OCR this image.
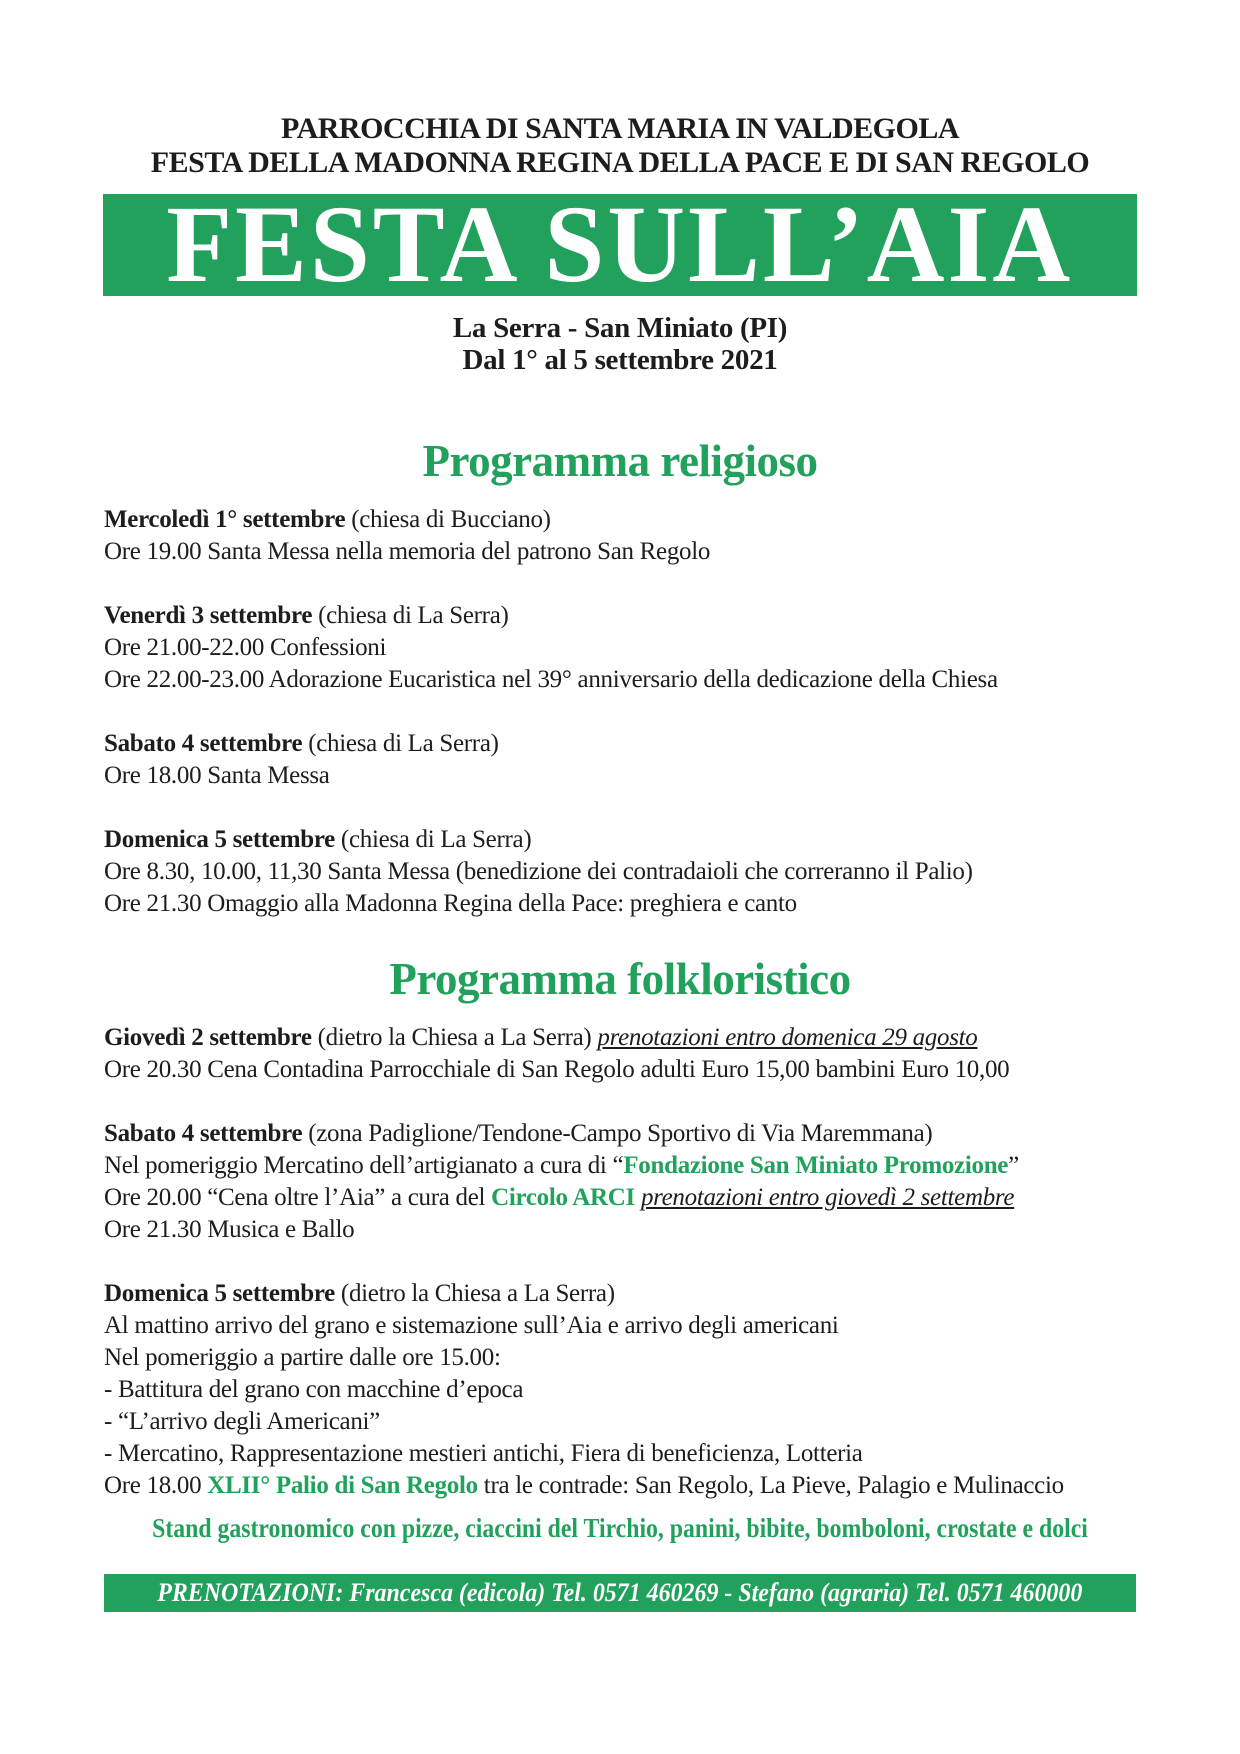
PARROCCHIA DI SANTA MARIA IN VALDEGOLA
FESTA DELLA MADONNA REGINA DELLA PACE E DI SAN REGOLO
FESTA SULL’AIA
La Serra - San Miniato (PI)
Dal 1° al 5 settembre 2021
Programma religioso
Mercoledì 1° settembre (chiesa di Bucciano)
Ore 19.00 Santa Messa nella memoria del patrono San Regolo
Venerdì 3 settembre (chiesa di La Serra)
Ore 21.00-22.00 Confessioni
Ore 22.00-23.00 Adorazione Eucaristica nel 39° anniversario della dedicazione della Chiesa
Sabato 4 settembre (chiesa di La Serra)
Ore 18.00 Santa Messa
Domenica 5 settembre (chiesa di La Serra)
Ore 8.30, 10.00, 11,30 Santa Messa (benedizione dei contradaioli che correranno il Palio)
Ore 21.30 Omaggio alla Madonna Regina della Pace: preghiera e canto
Programma folkloristico
Giovedì 2 settembre (dietro la Chiesa a La Serra) prenotazioni entro domenica 29 agosto
Ore 20.30 Cena Contadina Parrocchiale di San Regolo adulti Euro 15,00 bambini Euro 10,00
Sabato 4 settembre (zona Padiglione/Tendone-Campo Sportivo di Via Maremmana)
Nel pomeriggio Mercatino dell’artigianato a cura di “Fondazione San Miniato Promozione”
Ore 20.00 “Cena oltre l’Aia” a cura del Circolo ARCI prenotazioni entro giovedì 2 settembre
Ore 21.30 Musica e Ballo
Domenica 5 settembre (dietro la Chiesa a La Serra)
Al mattino arrivo del grano e sistemazione sull’Aia e arrivo degli americani
Nel pomeriggio a partire dalle ore 15.00:
- Battitura del grano con macchine d’epoca
- “L’arrivo degli Americani”
- Mercatino, Rappresentazione mestieri antichi, Fiera di beneficienza, Lotteria
Ore 18.00 XLII° Palio di San Regolo tra le contrade: San Regolo, La Pieve, Palagio e Mulinaccio
Stand gastronomico con pizze, ciaccini del Tirchio, panini, bibite, bomboloni, crostate e dolci
PRENOTAZIONI: Francesca (edicola) Tel. 0571 460269 - Stefano (agraria) Tel. 0571 460000
